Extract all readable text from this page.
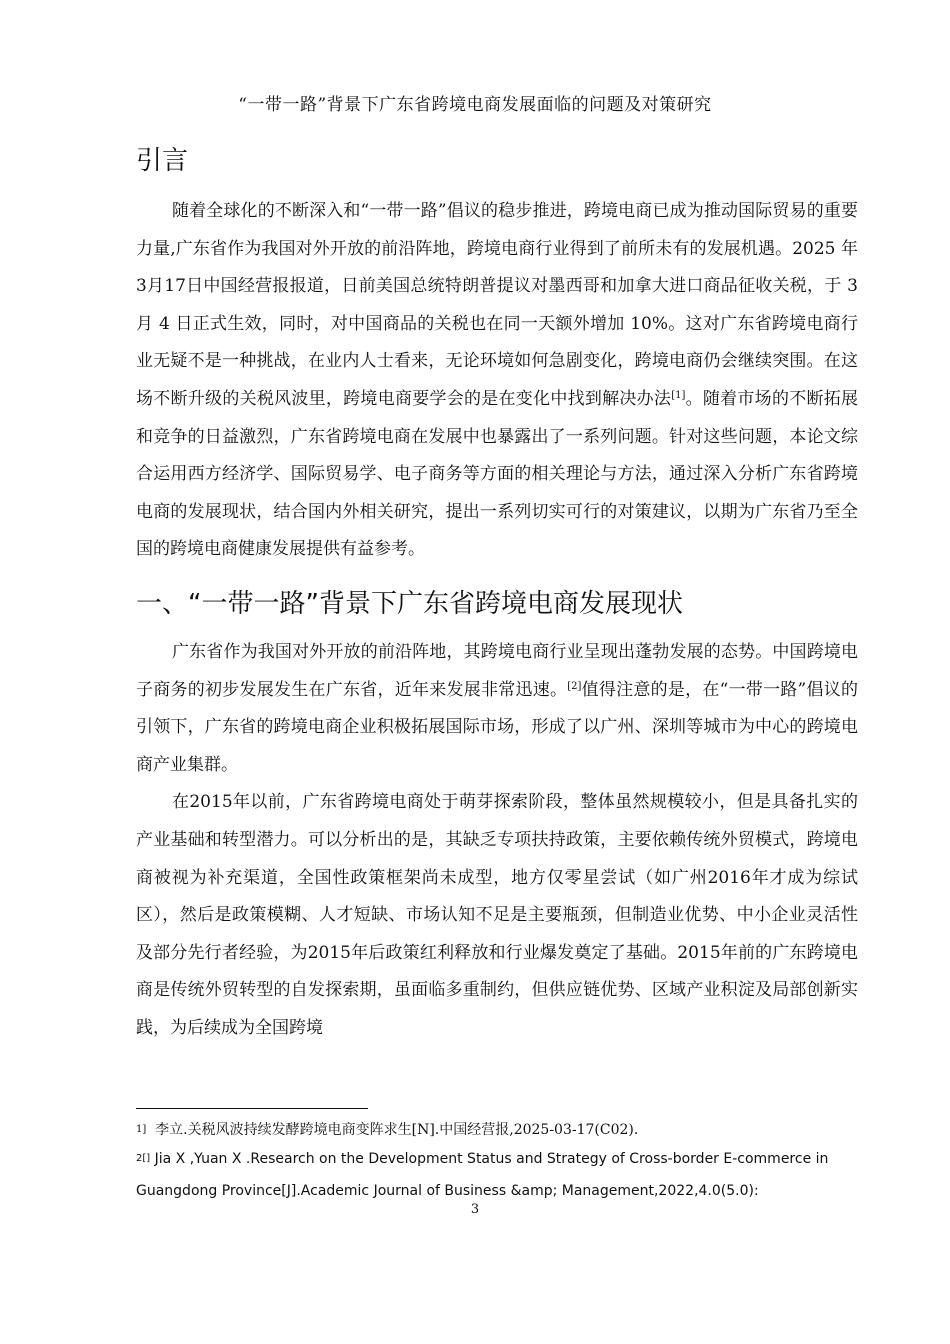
“一带一路”背景下广东省跨境电商发展面临的问题及对策研究
引言

随着全球化的不断深入和“一带一路”倡议的稳步推进，跨境电商已成为推动国际贸易的重要力量,广东省作为我国对外开放的前沿阵地，跨境电商行业得到了前所未有的发展机遇。2025 年3月17日中国经营报报道，日前美国总统特朗普提议对墨西哥和加拿大进口商品征收关税，于 3 月 4 日正式生效，同时，对中国商品的关税也在同一天额外增加 10%。这对广东省跨境电商行业无疑不是一种挑战，在业内人士看来，无论环境如何急剧变化，跨境电商仍会继续突围。在这场不断升级的关税风波里，跨境电商要学会的是在变化中找到解决办法[1]。随着市场的不断拓展和竞争的日益激烈，广东省跨境电商在发展中也暴露出了一系列问题。针对这些问题，本论文综合运用西方经济学、国际贸易学、电子商务等方面的相关理论与方法，通过深入分析广东省跨境电商的发展现状，结合国内外相关研究，提出一系列切实可行的对策建议，以期为广东省乃至全国的跨境电商健康发展提供有益参考。

一、“一带一路”背景下广东省跨境电商发展现状

广东省作为我国对外开放的前沿阵地，其跨境电商行业呈现出蓬勃发展的态势。中国跨境电子商务的初步发展发生在广东省，近年来发展非常迅速。[2]值得注意的是，在“一带一路”倡议的引领下，广东省的跨境电商企业积极拓展国际市场，形成了以广州、深圳等城市为中心的跨境电商产业集群。

在2015年以前，广东省跨境电商处于萌芽探索阶段，整体虽然规模较小，但是具备扎实的产业基础和转型潜力。可以分析出的是，其缺乏专项扶持政策，主要依赖传统外贸模式，跨境电商被视为补充渠道，全国性政策框架尚未成型，地方仅零星尝试（如广州2016年才成为综试区），然后是政策模糊、人才短缺、市场认知不足是主要瓶颈，但制造业优势、中小企业灵活性及部分先行者经验，为2015年后政策红利释放和行业爆发奠定了基础。2015年前的广东跨境电商是传统外贸转型的自发探索期，虽面临多重制约，但供应链优势、区域产业积淀及局部创新实践，为后续成为全国跨境

$^{1]}$ 李立.关税风波持续发酵跨境电商变阵求生[N].中国经营报,2025-03-17(C02).

$^{2[]}$ Jia X ,Yuan X .Research on the Development Status and Strategy of Cross-border E-commerce in Guangdong Province[J].Academic Journal of Business &amp; Management,2022,4.0(5.0):

3
